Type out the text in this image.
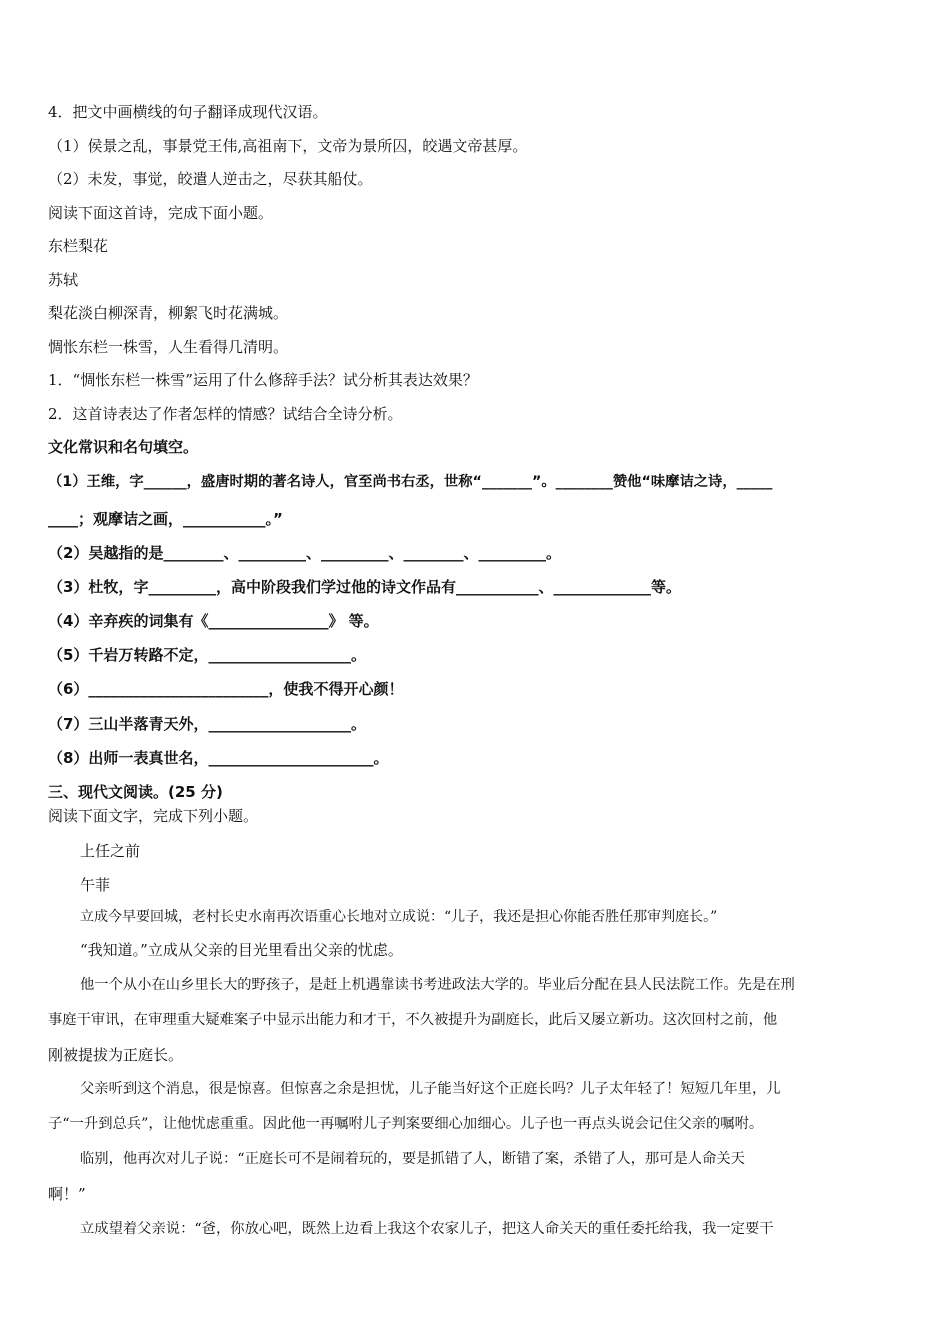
4．把文中画横线的句子翻译成现代汉语。
（1）侯景之乱，事景党王伟,高祖南下，文帝为景所囚，皎遇文帝甚厚。
（2）未发，事觉，皎遣人逆击之，尽获其船仗。
阅读下面这首诗，完成下面小题。
东栏梨花
苏轼
梨花淡白柳深青，柳絮飞时花满城。
惆怅东栏一株雪，人生看得几清明。
1．“惆怅东栏一株雪”运用了什么修辞手法？试分析其表达效果？
2．这首诗表达了作者怎样的情感？试结合全诗分析。
文化常识和名句填空。
（1）王维，字______，盛唐时期的著名诗人，官至尚书右丞，世称“_______”。________赞他“味摩诘之诗，_____
____；观摩诘之画，___________。”
（2）吴越指的是________、_________、_________、________、_________。
（3）杜牧，字_________，高中阶段我们学过他的诗文作品有___________、_____________等。
（4）辛弃疾的词集有《________________》 等。
（5）千岩万转路不定，___________________。
（6）________________________，使我不得开心颜！
（7）三山半落青天外，___________________。
（8）出师一表真世名，______________________。
三、现代文阅读。(25 分)
阅读下面文字，完成下列小题。
上任之前
午菲
立成今早要回城，老村长史水南再次语重心长地对立成说：“儿子，我还是担心你能否胜任那审判庭长。”
“我知道。”立成从父亲的目光里看出父亲的忧虑。
他一个从小在山乡里长大的野孩子，是赶上机遇靠读书考进政法大学的。毕业后分配在县人民法院工作。先是在刑
事庭干审讯，在审理重大疑难案子中显示出能力和才干，不久被提升为副庭长，此后又屡立新功。这次回村之前，他
刚被提拔为正庭长。
父亲听到这个消息，很是惊喜。但惊喜之余是担忧，儿子能当好这个正庭长吗？儿子太年轻了！短短几年里，儿
子“一升到总兵”，让他忧虑重重。因此他一再嘱咐儿子判案要细心加细心。儿子也一再点头说会记住父亲的嘱咐。
临别，他再次对儿子说：“正庭长可不是闹着玩的，要是抓错了人，断错了案，杀错了人，那可是人命关天
啊！”
立成望着父亲说：“爸，你放心吧，既然上边看上我这个农家儿子，把这人命关天的重任委托给我，我一定要干
